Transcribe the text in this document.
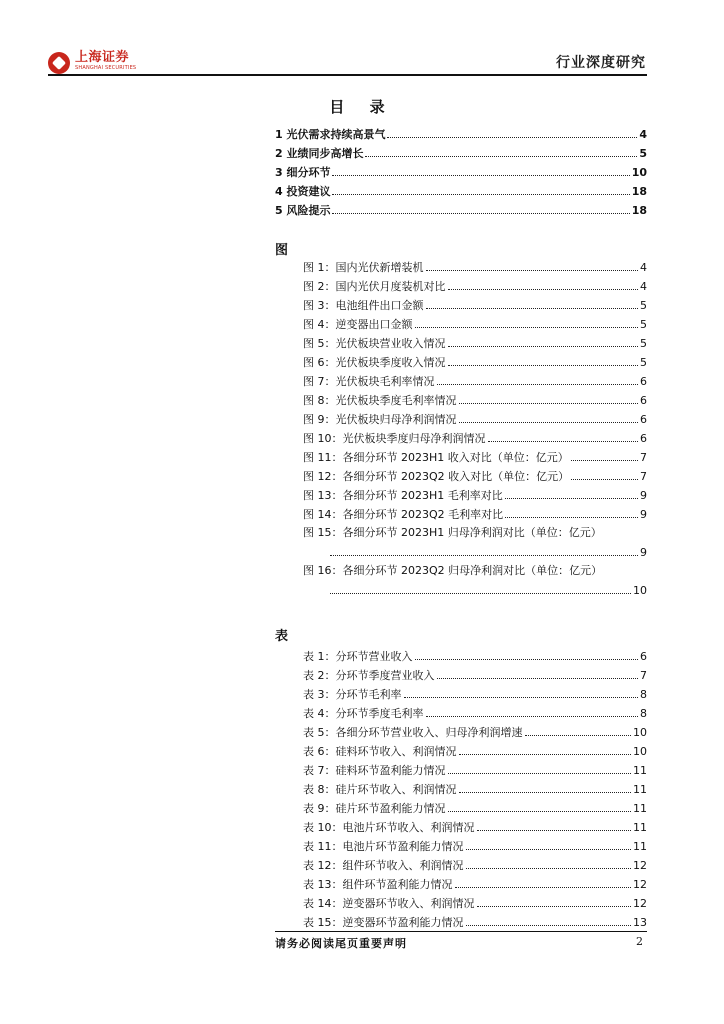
上海证券
SHANGHAI SECURITIES	行业深度研究
目 录
1 光伏需求持续高景气	4
2 业绩同步高增长	5
3 细分环节	10
4 投资建议	18
5 风险提示	18
图
图 1：国内光伏新增装机	4
图 2：国内光伏月度装机对比	4
图 3：电池组件出口金额	5
图 4：逆变器出口金额	5
图 5：光伏板块营业收入情况	5
图 6：光伏板块季度收入情况	5
图 7：光伏板块毛利率情况	6
图 8：光伏板块季度毛利率情况	6
图 9：光伏板块归母净利润情况	6
图 10：光伏板块季度归母净利润情况	6
图 11：各细分环节 2023H1 收入对比（单位：亿元）	7
图 12：各细分环节 2023Q2 收入对比（单位：亿元）	7
图 13：各细分环节 2023H1 毛利率对比	9
图 14：各细分环节 2023Q2 毛利率对比	9
图 15：各细分环节 2023H1 归母净利润对比（单位：亿元）
9
图 16：各细分环节 2023Q2 归母净利润对比（单位：亿元）
10
表
表 1：分环节营业收入	6
表 2：分环节季度营业收入	7
表 3：分环节毛利率	8
表 4：分环节季度毛利率	8
表 5：各细分环节营业收入、归母净利润增速	10
表 6：硅料环节收入、利润情况	10
表 7：硅料环节盈利能力情况	11
表 8：硅片环节收入、利润情况	11
表 9：硅片环节盈利能力情况	11
表 10：电池片环节收入、利润情况	11
表 11：电池片环节盈利能力情况	11
表 12：组件环节收入、利润情况	12
表 13：组件环节盈利能力情况	12
表 14：逆变器环节收入、利润情况	12
表 15：逆变器环节盈利能力情况	13
请务必阅读尾页重要声明	2
